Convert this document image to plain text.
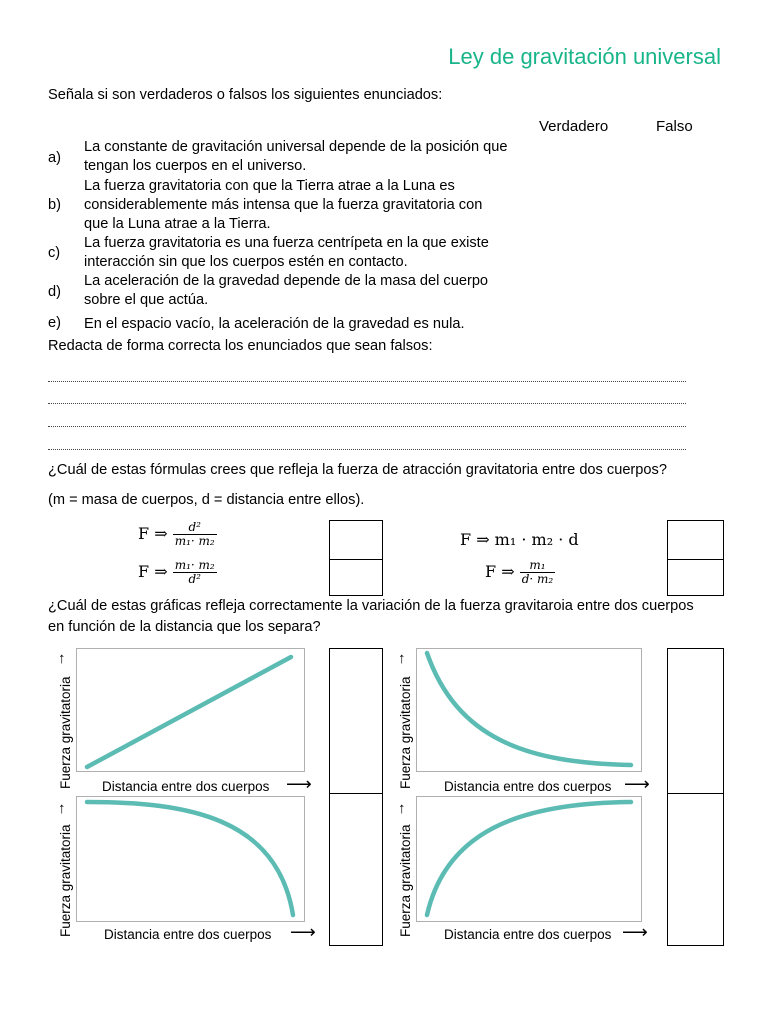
Ley de gravitación universal
Señala si son verdaderos o falsos los siguientes enunciados:
Verdadero	Falso
a)
La constante de gravitación universal depende de la posición que
tengan los cuerpos en el universo.
b)
La fuerza gravitatoria con que la Tierra atrae a la Luna es
considerablemente más intensa que la fuerza gravitatoria con
que la Luna atrae a la Tierra.
c)
La fuerza gravitatoria es una fuerza centrípeta en la que existe
interacción sin que los cuerpos estén en contacto.
d)
La aceleración de la gravedad depende de la masa del cuerpo
sobre el que actúa.
e) En el espacio vacío, la aceleración de la gravedad es nula.
Redacta de forma correcta los enunciados que sean falsos:
¿Cuál de estas fórmulas crees que refleja la fuerza de atracción gravitatoria entre dos cuerpos?
(m = masa de cuerpos, d = distancia entre ellos).
F ⇒ $\frac{\text{d²}}{\text{m₁· m₂}}$
F ⇒ $\frac{\text{m₁· m₂}}{\text{d²}}$
F ⇒ m₁ · m₂ · d
F ⇒ $\frac{\text{m₁}}{\text{d· m₂}}$
¿Cuál de estas gráficas refleja correctamente la variación de la fuerza gravitaroia entre dos cuerpos
en función de la distancia que los separa?
Fuerza gravitatoria
↑
Distancia entre dos cuerpos ⟶	Fuerza gravitatoria
↑
Distancia entre dos cuerpos ⟶
Fuerza gravitatoria
↑
Distancia entre dos cuerpos ⟶	Fuerza gravitatoria
↑
Distancia entre dos cuerpos ⟶
